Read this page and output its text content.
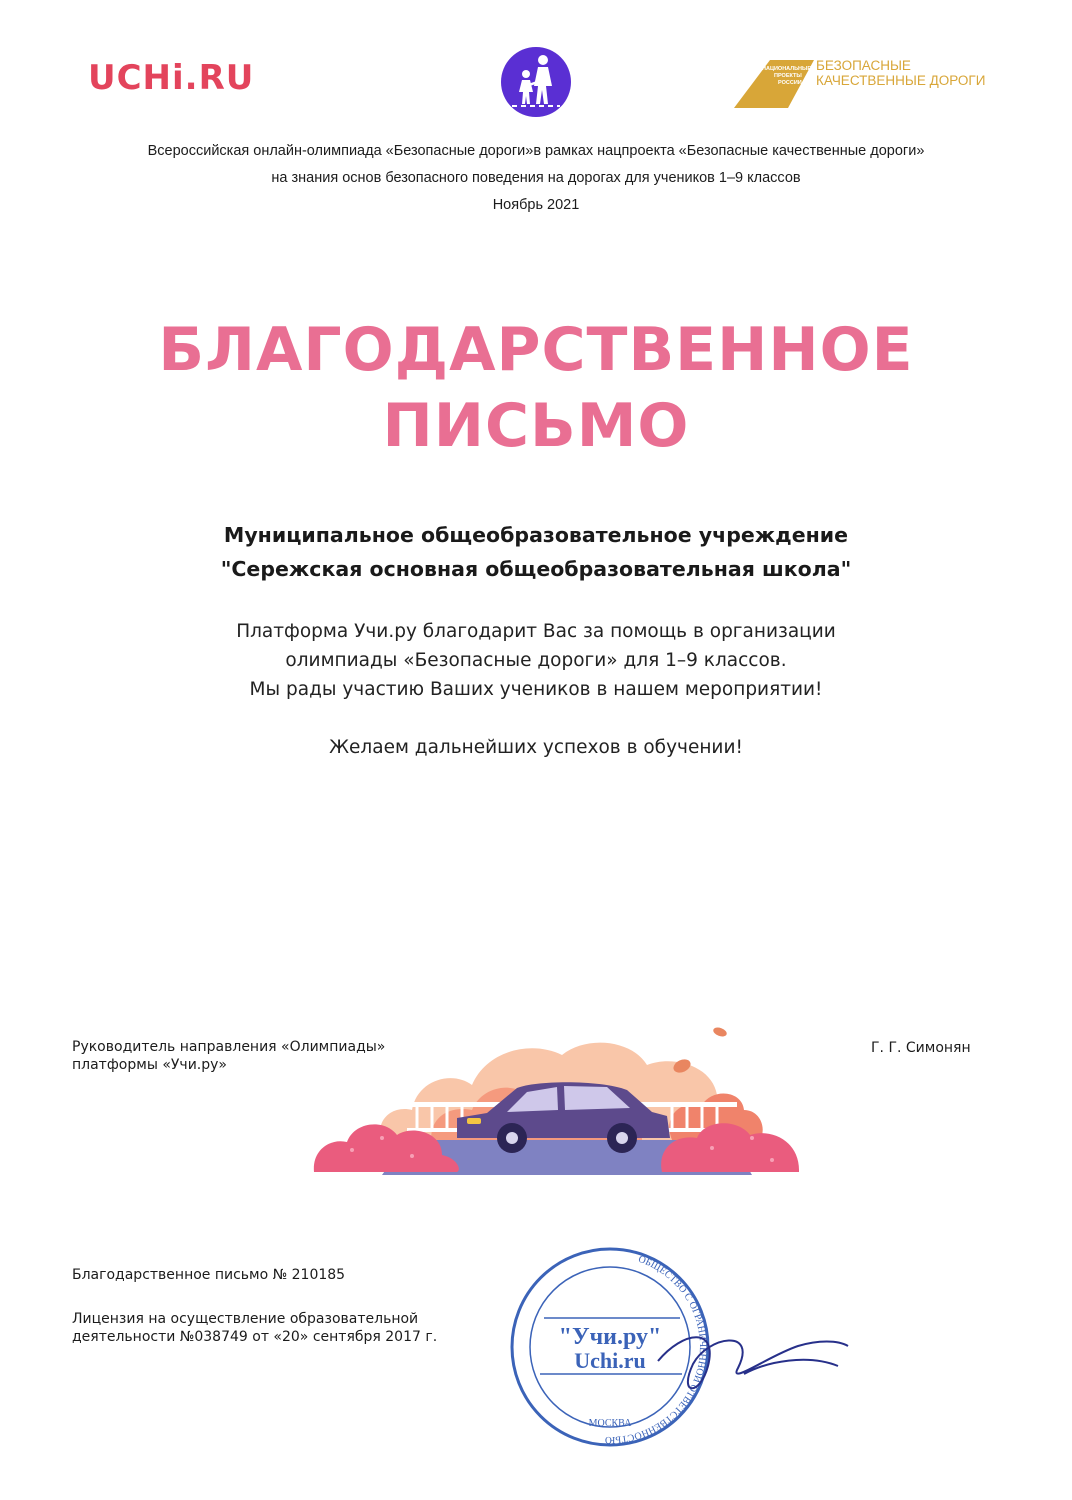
UCHi.RU	НАЦИОНАЛЬНЫЕ
ПРОЕКТЫ
РОССИИ
БЕЗОПАСНЫЕ
КАЧЕСТВЕННЫЕ ДОРОГИ
Всероссийская онлайн-олимпиада «Безопасные дороги»в рамках нацпроекта «Безопасные качественные дороги»
на знания основ безопасного поведения на дорогах для учеников 1–9 классов
Ноябрь 2021
БЛАГОДАРСТВЕННОЕ
ПИСЬМО
Муниципальное общеобразовательное учреждение
"Сережская основная общеобразовательная школа"
Платформа Учи.ру благодарит Вас за помощь в организации
олимпиады «Безопасные дороги» для 1–9 классов.
Мы рады участию Ваших учеников в нашем мероприятии!
Желаем дальнейших успехов в обучении!
Благодарственное письмо № 210185
Лицензия на осуществление образовательной
деятельности №038749 от «20» сентября 2017 г.
Руководитель направления «Олимпиады»
платформы «Учи.ру»
ОБЩЕСТВО С ОГРАНИЧЕННОЙ ОТВЕТСТВЕННОСТЬЮ
МОСКВА
"Учи.ру"
Uchi.ru
Г. Г. Симонян
